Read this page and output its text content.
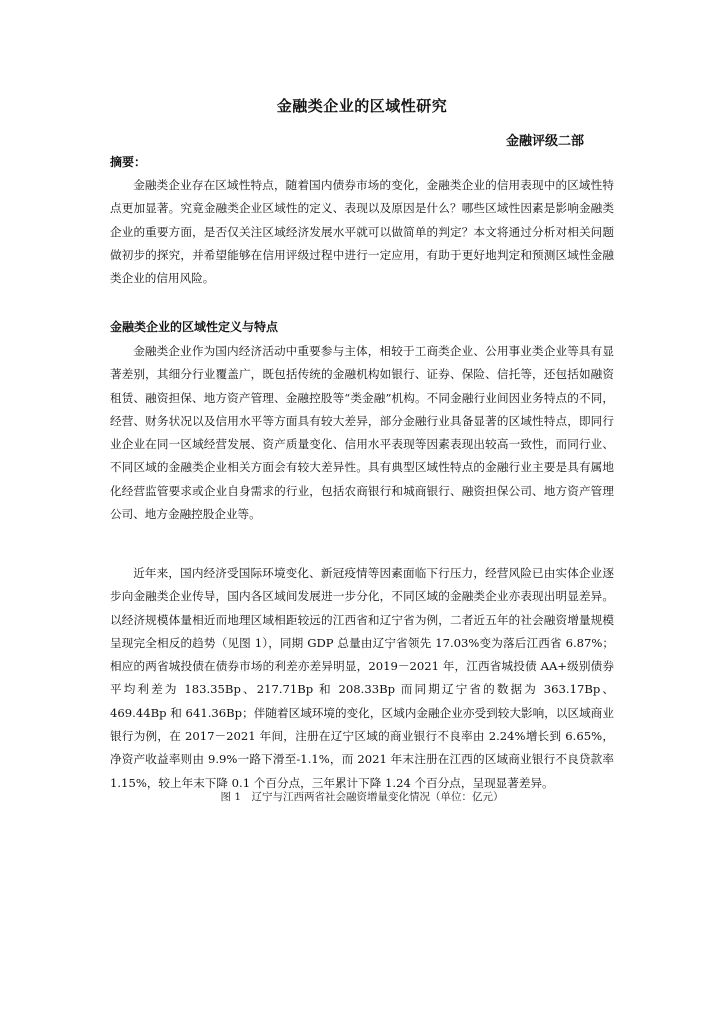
金融类企业的区域性研究
金融评级二部
摘要：

金融类企业存在区域性特点，随着国内债券市场的变化，金融类企业的信用表现中的区域性特点更加显著。究竟金融类企业区域性的定义、表现以及原因是什么？哪些区域性因素是影响金融类企业的重要方面，是否仅关注区域经济发展水平就可以做简单的判定？本文将通过分析对相关问题做初步的探究，并希望能够在信用评级过程中进行一定应用，有助于更好地判定和预测区域性金融类企业的信用风险。

金融类企业的区域性定义与特点

金融类企业作为国内经济活动中重要参与主体，相较于工商类企业、公用事业类企业等具有显著差别，其细分行业覆盖广，既包括传统的金融机构如银行、证券、保险、信托等，还包括如融资租赁、融资担保、地方资产管理、金融控股等“类金融”机构。不同金融行业间因业务特点的不同，经营、财务状况以及信用水平等方面具有较大差异，部分金融行业具备显著的区域性特点，即同行业企业在同一区域经营发展、资产质量变化、信用水平表现等因素表现出较高一致性，而同行业、不同区域的金融类企业相关方面会有较大差异性。具有典型区域性特点的金融行业主要是具有属地化经营监管要求或企业自身需求的行业，包括农商银行和城商银行、融资担保公司、地方资产管理公司、地方金融控股企业等。

近年来，国内经济受国际环境变化、新冠疫情等因素面临下行压力，经营风险已由实体企业逐步向金融类企业传导，国内各区域间发展进一步分化，不同区域的金融类企业亦表现出明显差异。以经济规模体量相近而地理区域相距较远的江西省和辽宁省为例，二者近五年的社会融资增量规模呈现完全相反的趋势（见图 1），同期 GDP 总量由辽宁省领先 17.03%变为落后江西省 6.87%；相应的两省城投债在债券市场的利差亦差异明显，2019－2021 年，江西省城投债 AA+级别债券平均利差为 183.35Bp、217.71Bp 和 208.33Bp 而同期辽宁省的数据为 363.17Bp、469.44Bp 和 641.36Bp；伴随着区域环境的变化，区域内金融企业亦受到较大影响，以区域商业银行为例，在 2017－2021 年间，注册在辽宁区域的商业银行不良率由 2.24%增长到 6.65%，净资产收益率则由 9.9%一路下滑至-1.1%，而 2021 年末注册在江西的区域商业银行不良贷款率 1.15%，较上年末下降 0.1 个百分点，三年累计下降 1.24 个百分点，呈现显著差异。

图 1　辽宁与江西两省社会融资增量变化情况（单位：亿元）
